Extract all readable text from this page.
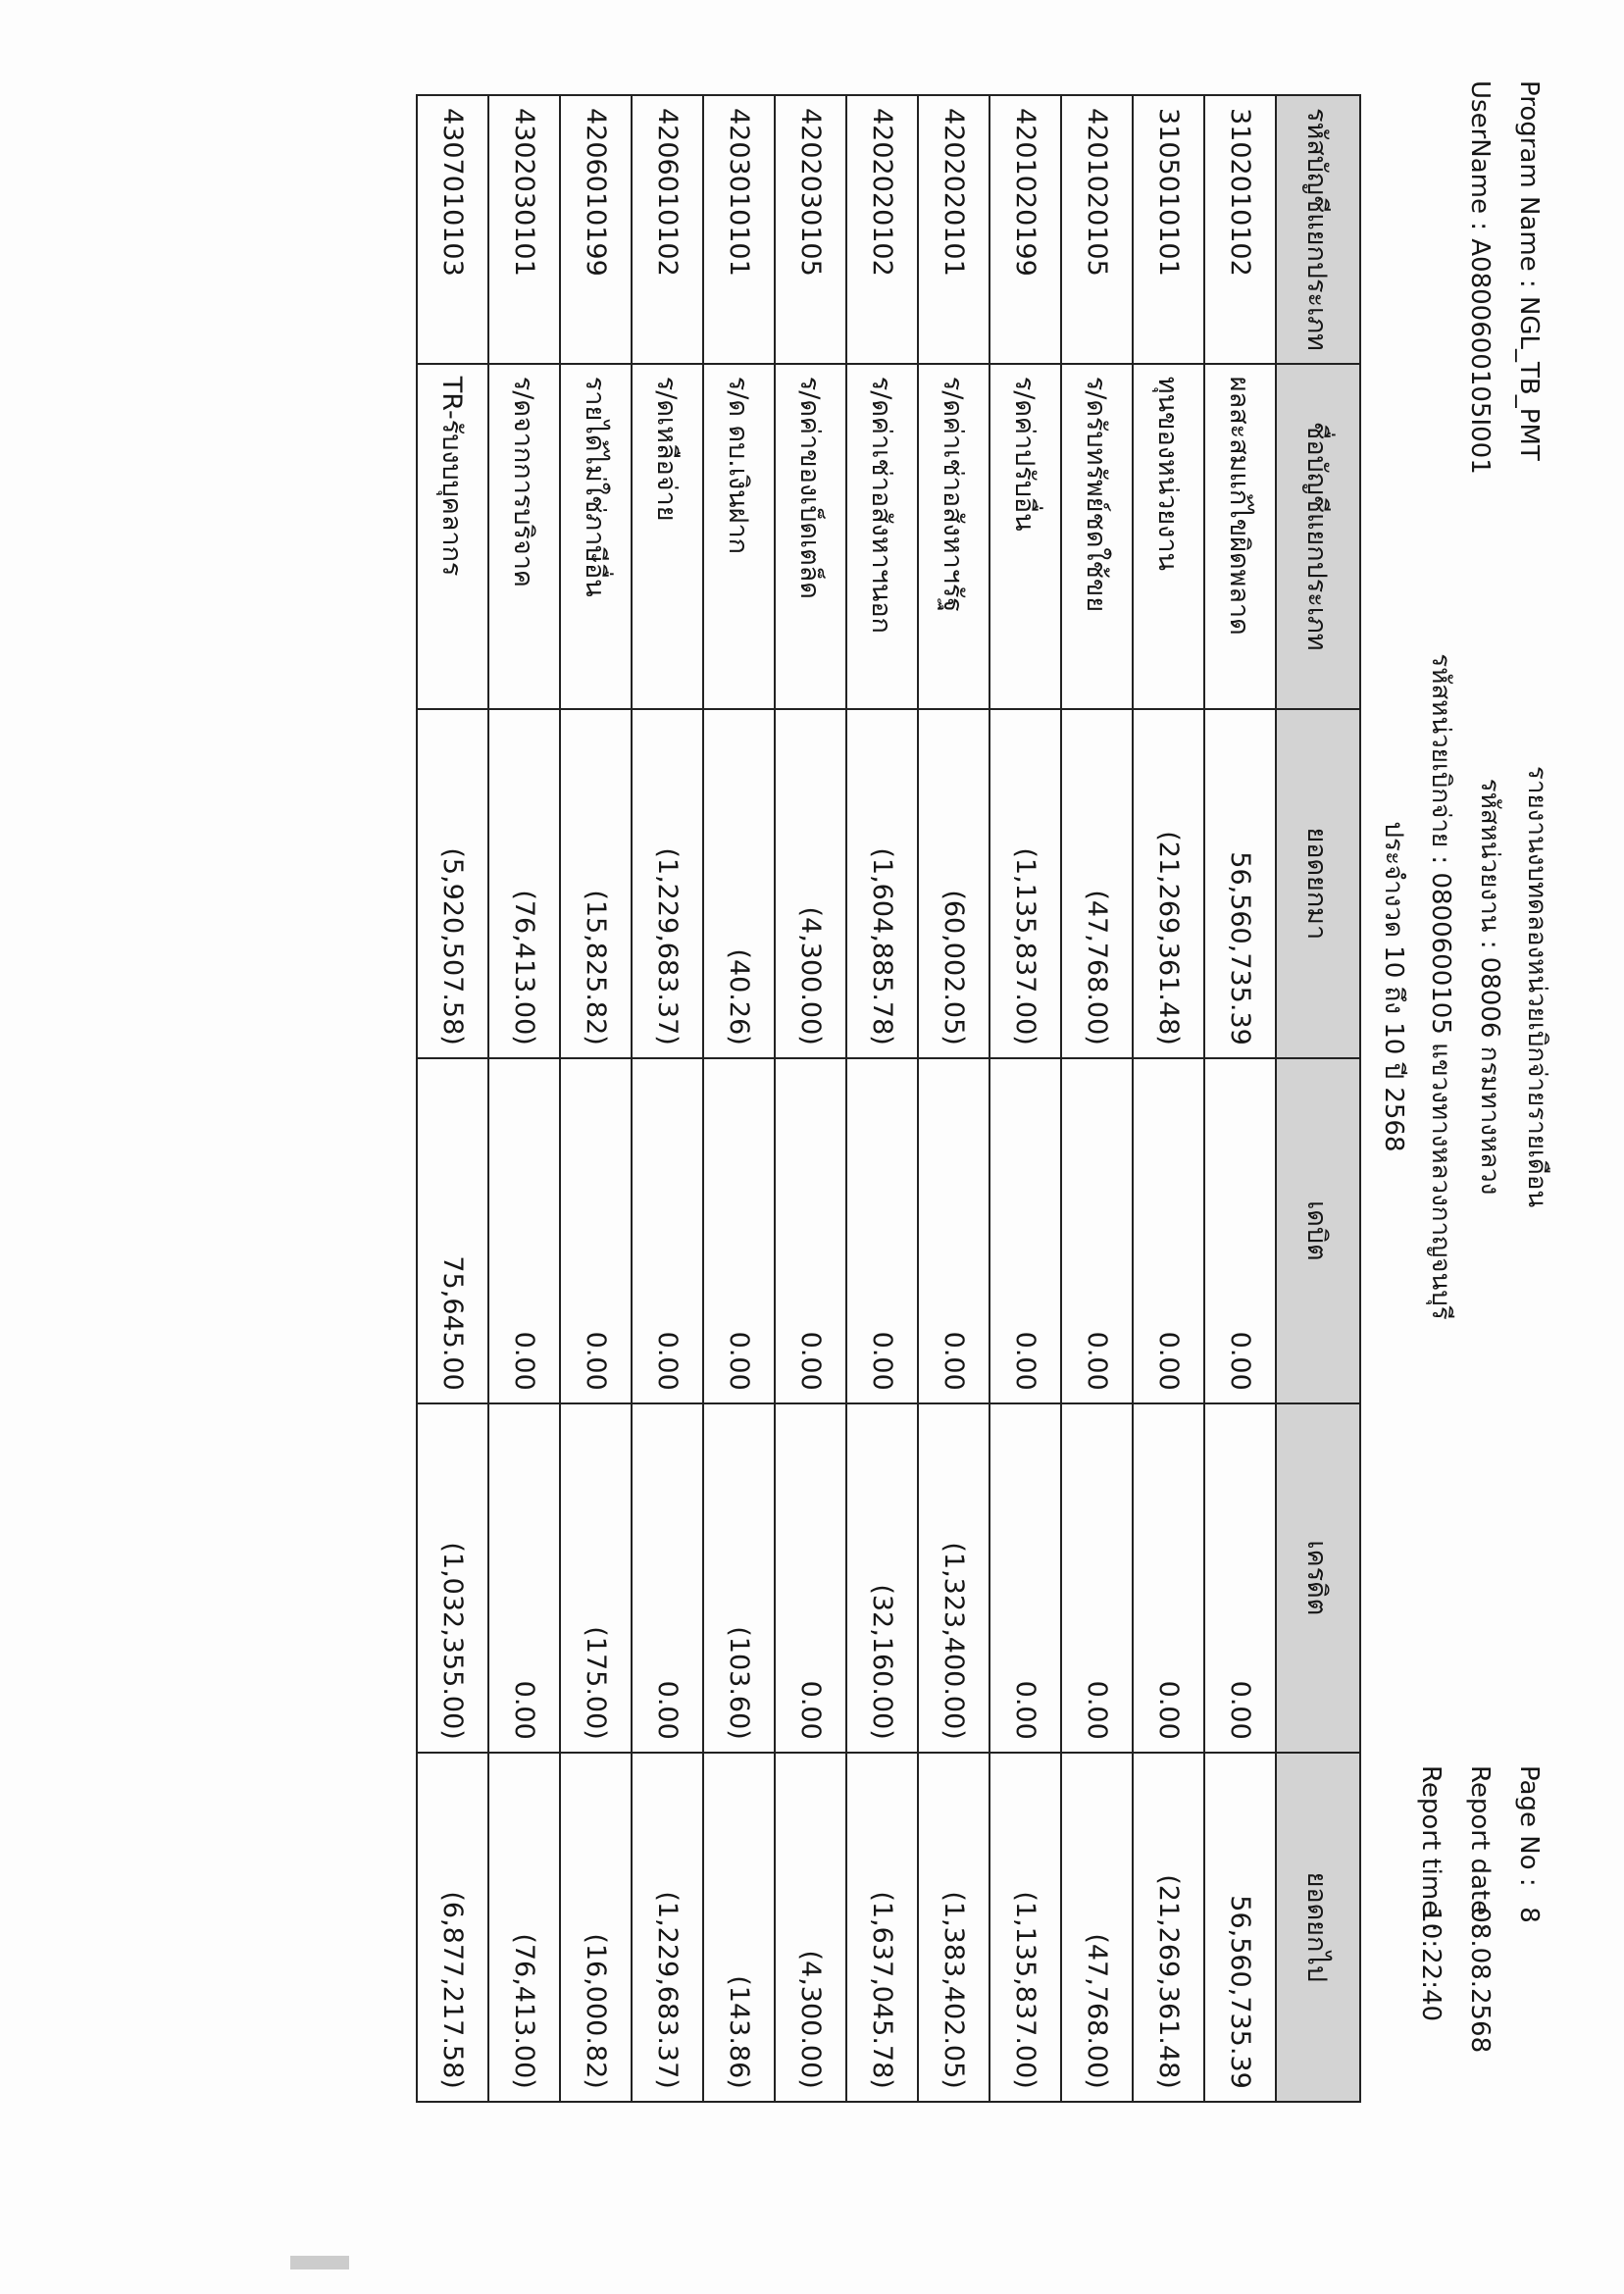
Program Name : NGL_TB_PMT
UserName : A0800600105I001
รายงานงบทดลองหน่วยเบิกจ่ายรายเดือน
รหัสหน่วยงาน : 08006 กรมทางหลวง
รหัสหน่วยเบิกจ่าย : 0800600105 แขวงทางหลวงกาญจนบุรี
ประจำงวด 10 ถึง 10 ปี 2568
Page No : 8
Report date : 08.08.2568
Report time : 10:22:40
รหัสบัญชีแยกประเภท	ชื่อบัญชีแยกประเภท	ยอดยกมา	เดบิต	เครดิต	ยอดยกไป
3102010102	ผลสะสมแก้ไขผิดพลาด	56,560,735.39	0.00	0.00	56,560,735.39
3105010101	ทุนของหน่วยงาน	(21,269,361.48)	0.00	0.00	(21,269,361.48)
4201020105	ร/ดรับทรัพย์ชดใช้ขย	(47,768.00)	0.00	0.00	(47,768.00)
4201020199	ร/ดค่าปรับอื่น	(1,135,837.00)	0.00	0.00	(1,135,837.00)
4202020101	ร/ดค่าเช่าอสังหาฯรัฐ	(60,002.05)	0.00	(1,323,400.00)	(1,383,402.05)
4202020102	ร/ดค่าเช่าอสังหาฯนอก	(1,604,885.78)	0.00	(32,160.00)	(1,637,045.78)
4202030105	ร/ดค่าของเบ็ดเตล็ด	(4,300.00)	0.00	0.00	(4,300.00)
4203010101	ร/ด ดบ.เงินฝาก	(40.26)	0.00	(103.60)	(143.86)
4206010102	ร/ดเหลือจ่าย	(1,229,683.37)	0.00	0.00	(1,229,683.37)
4206010199	รายได้ไม่ใช่ภาษีอื่น	(15,825.82)	0.00	(175.00)	(16,000.82)
4302030101	ร/ดจากการบริจาค	(76,413.00)	0.00	0.00	(76,413.00)
4307010103	TR-รับงบบุคลากร	(5,920,507.58)	75,645.00	(1,032,355.00)	(6,877,217.58)
